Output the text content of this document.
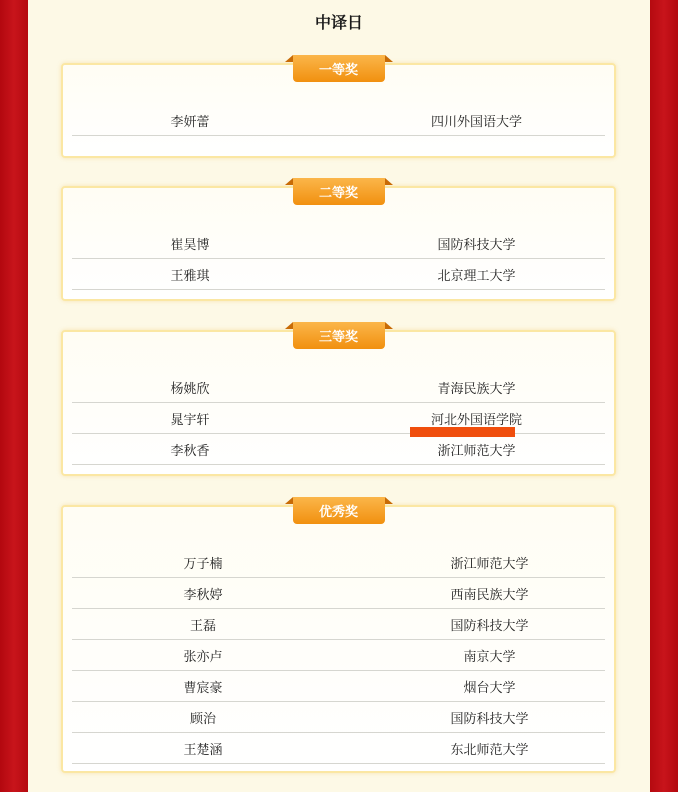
中译日
一等奖
李妍蕾	四川外国语大学
二等奖
崔昊博	国防科技大学
王雅琪	北京理工大学
三等奖
杨姚欣	青海民族大学
晁宇轩	河北外国语学院
李秋香	浙江师范大学
优秀奖
万子楠	浙江师范大学
李秋婷	西南民族大学
王磊	国防科技大学
张亦卢	南京大学
曹宸豪	烟台大学
顾治	国防科技大学
王楚涵	东北师范大学
